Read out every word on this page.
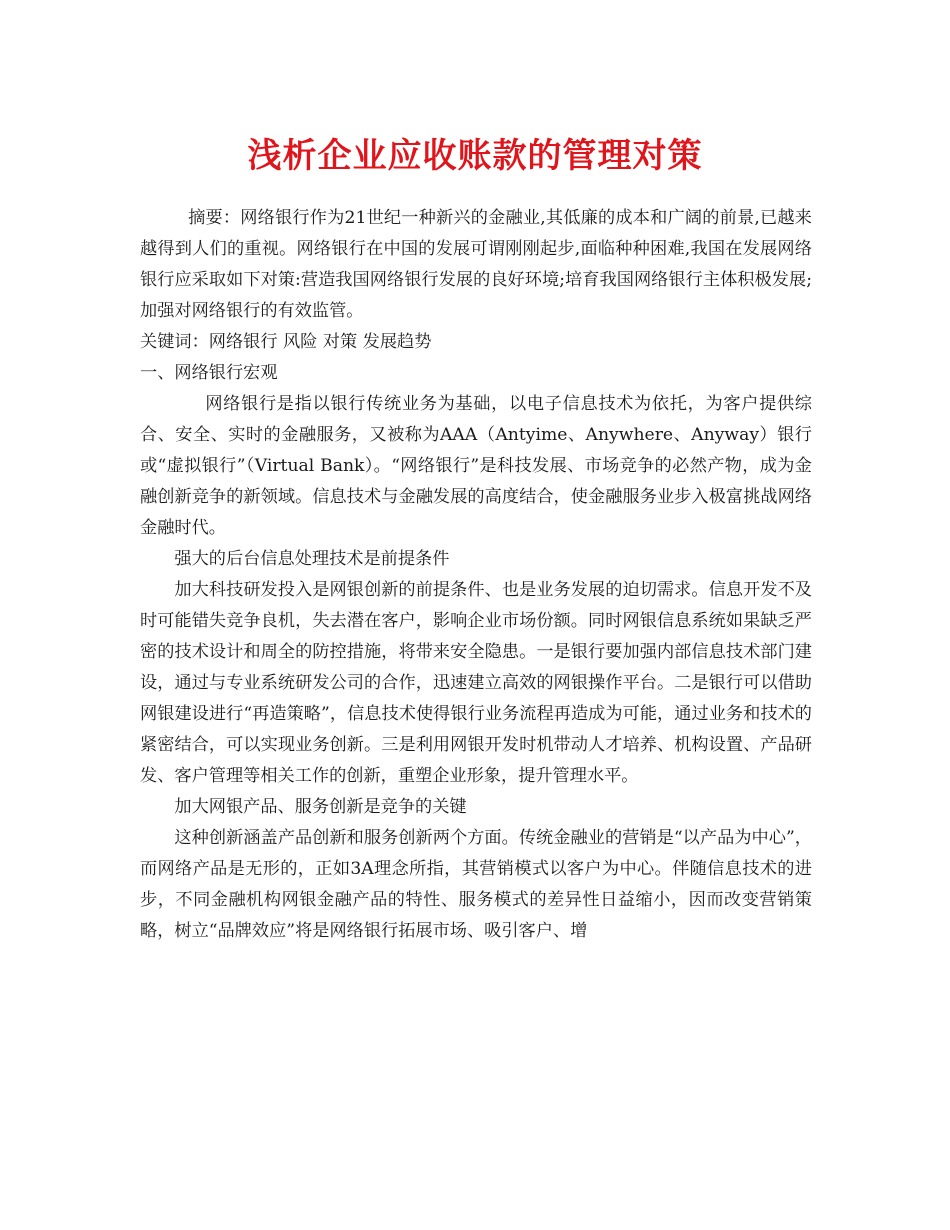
浅析企业应收账款的管理对策

摘要：网络银行作为21世纪一种新兴的金融业,其低廉的成本和广阔的前景,已越来越得到人们的重视。网络银行在中国的发展可谓刚刚起步,面临种种困难,我国在发展网络银行应采取如下对策:营造我国网络银行发展的良好环境;培育我国网络银行主体积极发展;加强对网络银行的有效监管。

关键词：网络银行 风险 对策 发展趋势

一、网络银行宏观

网络银行是指以银行传统业务为基础，以电子信息技术为依托，为客户提供综合、安全、实时的金融服务，又被称为AAA（Antyime、Anywhere、Anyway）银行或“虚拟银行”（Virtual Bank）。“网络银行”是科技发展、市场竞争的必然产物，成为金融创新竞争的新领域。信息技术与金融发展的高度结合，使金融服务业步入极富挑战网络金融时代。

强大的后台信息处理技术是前提条件

加大科技研发投入是网银创新的前提条件、也是业务发展的迫切需求。信息开发不及时可能错失竞争良机，失去潜在客户，影响企业市场份额。同时网银信息系统如果缺乏严密的技术设计和周全的防控措施，将带来安全隐患。一是银行要加强内部信息技术部门建设，通过与专业系统研发公司的合作，迅速建立高效的网银操作平台。二是银行可以借助网银建设进行“再造策略”，信息技术使得银行业务流程再造成为可能，通过业务和技术的紧密结合，可以实现业务创新。三是利用网银开发时机带动人才培养、机构设置、产品研发、客户管理等相关工作的创新，重塑企业形象，提升管理水平。

加大网银产品、服务创新是竞争的关键

这种创新涵盖产品创新和服务创新两个方面。传统金融业的营销是“以产品为中心”，而网络产品是无形的，正如3A理念所指，其营销模式以客户为中心。伴随信息技术的进步，不同金融机构网银金融产品的特性、服务模式的差异性日益缩小，因而改变营销策略，树立“品牌效应”将是网络银行拓展市场、吸引客户、增
